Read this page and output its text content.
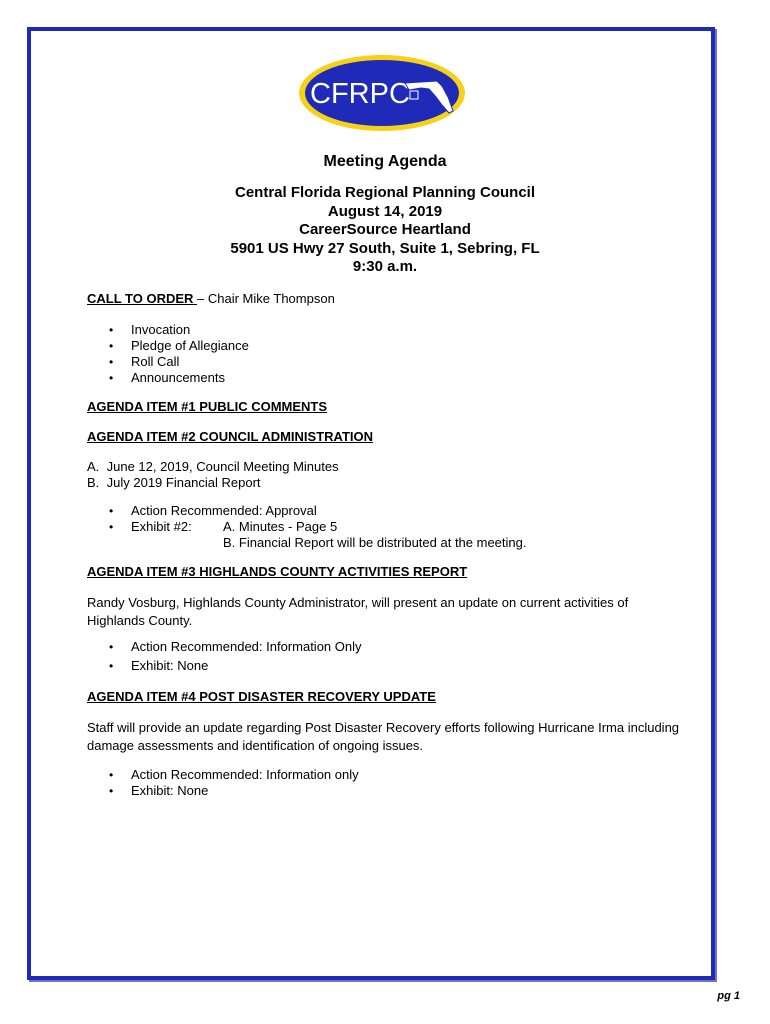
CFRPC
Meeting Agenda
Central Florida Regional Planning Council
August 14, 2019
CareerSource Heartland
5901 US Hwy 27 South, Suite 1, Sebring, FL
9:30 a.m.
CALL TO ORDER – Chair Mike Thompson
• Invocation
• Pledge of Allegiance
• Roll Call
• Announcements
AGENDA ITEM #1 PUBLIC COMMENTS
AGENDA ITEM #2 COUNCIL ADMINISTRATION
A. June 12, 2019, Council Meeting Minutes
B. July 2019 Financial Report
• Action Recommended: Approval
• Exhibit #2: A. Minutes - Page 5
B. Financial Report will be distributed at the meeting.
AGENDA ITEM #3 HIGHLANDS COUNTY ACTIVITIES REPORT
Randy Vosburg, Highlands County Administrator, will present an update on current activities of Highlands County.
• Action Recommended: Information Only
• Exhibit: None
AGENDA ITEM #4 POST DISASTER RECOVERY UPDATE
Staff will provide an update regarding Post Disaster Recovery efforts following Hurricane Irma including damage assessments and identification of ongoing issues.
• Action Recommended: Information only
• Exhibit: None
pg 1
